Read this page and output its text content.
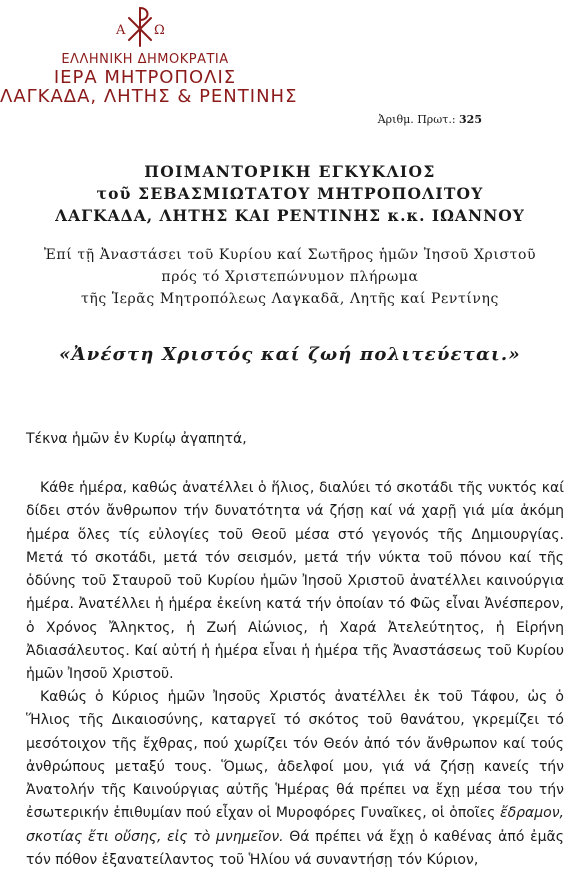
Α Ω
ΕΛΛΗΝΙΚΗ ΔΗΜΟΚΡΑΤΙΑ
ΙΕΡΑ ΜΗΤΡΟΠΟΛΙΣ
ΛΑΓΚΑΔΑ, ΛΗΤΗΣ & ΡΕΝΤΙΝΗΣ
Ἀριθμ. Πρωτ.: 325
ΠΟΙΜΑΝΤΟΡΙΚΗ ΕΓΚΥΚΛΙΟΣ
τοῦ ΣΕΒΑΣΜΙΩΤΑΤΟΥ ΜΗΤΡΟΠΟΛΙΤΟΥ
ΛΑΓΚΑΔΑ, ΛΗΤΗΣ ΚΑΙ ΡΕΝΤΙΝΗΣ κ.κ. ΙΩΑΝΝΟΥ
Ἐπί τῇ Ἀναστάσει τοῦ Κυρίου καί Σωτῆρος ἡμῶν Ἰησοῦ Χριστοῦ
πρός τό Χριστεπώνυμον πλήρωμα
τῆς Ἱερᾶς Μητροπόλεως Λαγκαδᾶ, Λητῆς καί Ρεντίνης
«Ἀνέστη Χριστός καί ζωή πολιτεύεται.»
Τέκνα ἡμῶν ἐν Κυρίῳ ἀγαπητά,
Κάθε ἡμέρα, καθώς ἀνατέλλει ὁ ἥλιος, διαλύει τό σκοτάδι τῆς νυκτός καί δίδει στόν ἄνθρωπον τήν δυνατότητα νά ζήσῃ καί νά χαρῇ γιά μία ἀκόμη ἡμέρα ὅλες τίς εὐλογίες τοῦ Θεοῦ μέσα στό γεγονός τῆς Δημιουργίας. Μετά τό σκοτάδι, μετά τόν σεισμόν, μετά τήν νύκτα τοῦ πόνου καί τῆς ὀδύνης τοῦ Σταυροῦ τοῦ Κυρίου ἡμῶν Ἰησοῦ Χριστοῦ ἀνατέλλει καινούργια ἡμέρα. Ἀνατέλλει ἡ ἡμέρα ἐκείνη κατά τήν ὁποίαν τό Φῶς εἶναι Ἀνέσπερον, ὁ Χρόνος Ἄληκτος, ἡ Ζωή Αἰώνιος, ἡ Χαρά Ἀτελεύτητος, ἡ Εἰρήνη Ἀδιασάλευτος. Καί αὐτή ἡ ἡμέρα εἶναι ἡ ἡμέρα τῆς Ἀναστάσεως τοῦ Κυρίου ἡμῶν Ἰησοῦ Χριστοῦ.
Καθώς ὁ Κύριος ἡμῶν Ἰησοῦς Χριστός ἀνατέλλει ἐκ τοῦ Τάφου, ὡς ὁ Ἥλιος τῆς Δικαιοσύνης, καταργεῖ τό σκότος τοῦ θανάτου, γκρεμίζει τό μεσότοιχον τῆς ἔχθρας, πού χωρίζει τόν Θεόν ἀπό τόν ἄνθρωπον καί τούς ἀνθρώπους μεταξύ τους. Ὅμως, ἀδελφοί μου, γιά νά ζήσῃ κανείς τήν Ἀνατολήν τῆς Καινούργιας αὐτῆς Ἡμέρας θά πρέπει να ἔχῃ μέσα του τήν ἐσωτερικήν ἐπιθυμίαν πού εἶχαν οἱ Μυροφόρες Γυναῖκες, οἱ ὁποῖες ἔδραμον, σκοτίας ἔτι οὔσης, εἰς τὸ μνημεῖον. Θά πρέπει νά ἔχῃ ὁ καθένας ἀπό ἐμᾶς τόν πόθον ἐξανατείλαντος τοῦ Ἡλίου νά συναντήσῃ τόν Κύριον,
